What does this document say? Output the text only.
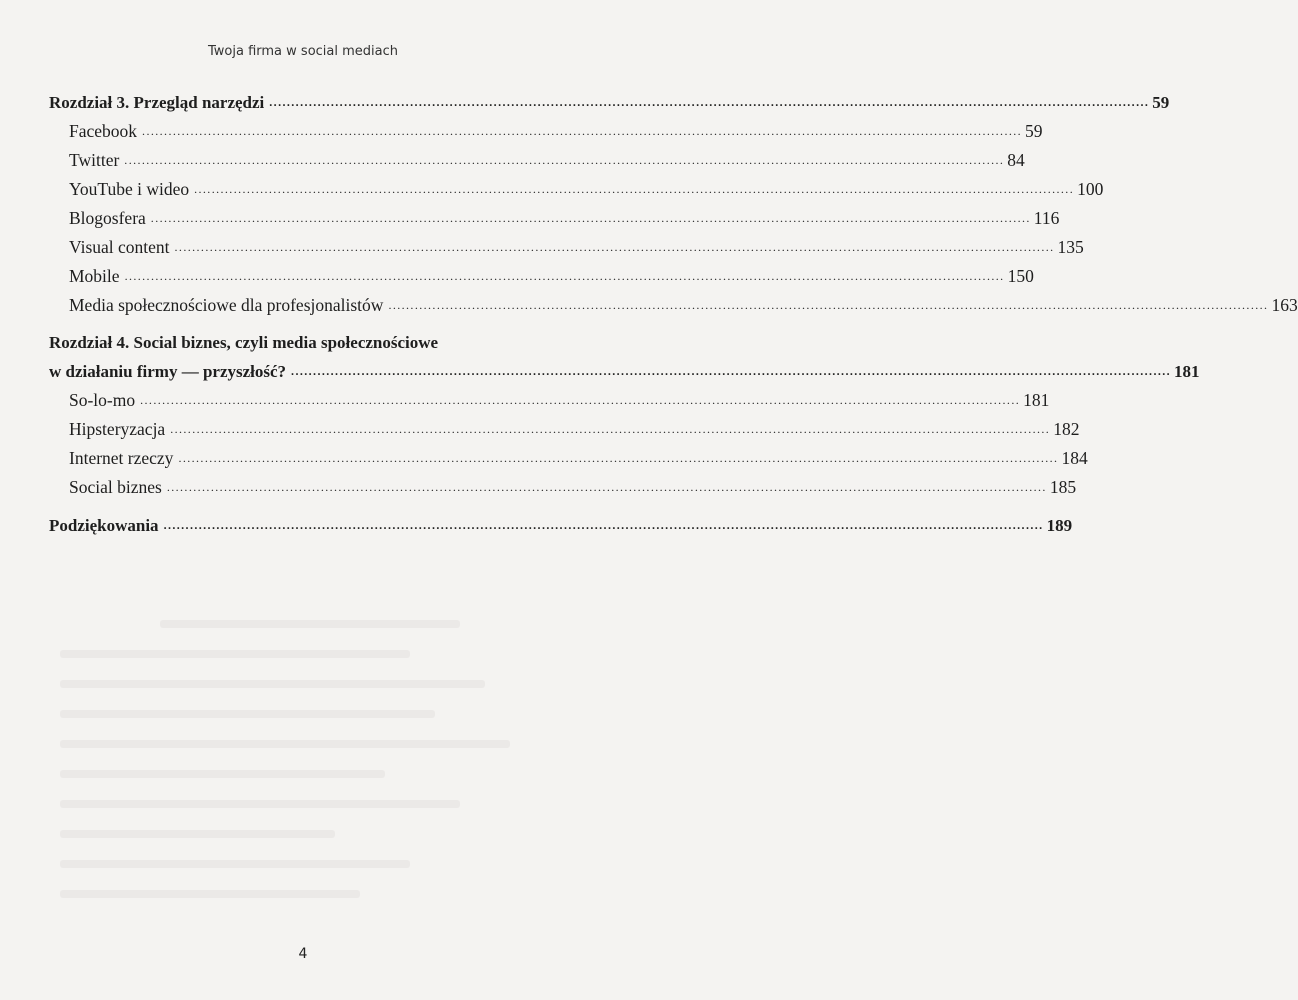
Twoja firma w social mediach
Rozdział 3. Przegląd narzędzi ........................................................................................................................................................................................................ 59
Facebook ........................................................................................................................................................................................................ 59
Twitter ........................................................................................................................................................................................................ 84
YouTube i wideo ........................................................................................................................................................................................................ 100
Blogosfera ........................................................................................................................................................................................................ 116
Visual content ........................................................................................................................................................................................................ 135
Mobile ........................................................................................................................................................................................................ 150
Media społecznościowe dla profesjonalistów ........................................................................................................................................................................................................ 163
Rozdział 4. Social biznes, czyli media społecznościowe
w działaniu firmy — przyszłość? ........................................................................................................................................................................................................ 181
So-lo-mo ........................................................................................................................................................................................................ 181
Hipsteryzacja ........................................................................................................................................................................................................ 182
Internet rzeczy ........................................................................................................................................................................................................ 184
Social biznes ........................................................................................................................................................................................................ 185
Podziękowania ........................................................................................................................................................................................................ 189
4
